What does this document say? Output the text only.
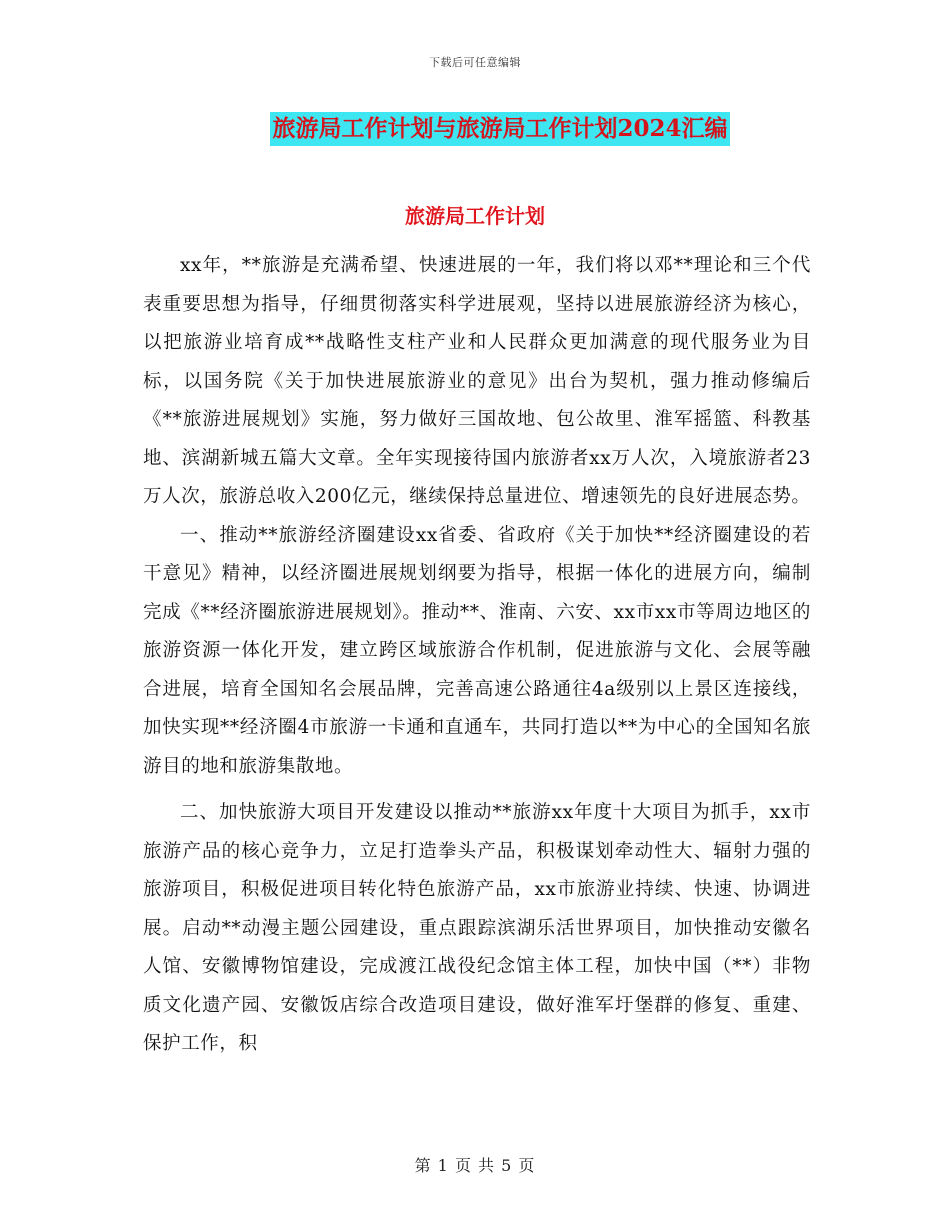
下载后可任意编辑
旅游局工作计划与旅游局工作计划2024汇编
旅游局工作计划

xx年，**旅游是充满希望、快速进展的一年，我们将以邓**理论和三个代表重要思想为指导，仔细贯彻落实科学进展观，坚持以进展旅游经济为核心，以把旅游业培育成**战略性支柱产业和人民群众更加满意的现代服务业为目标，以国务院《关于加快进展旅游业的意见》出台为契机，强力推动修编后《**旅游进展规划》实施，努力做好三国故地、包公故里、淮军摇篮、科教基地、滨湖新城五篇大文章。全年实现接待国内旅游者xx万人次，入境旅游者23万人次，旅游总收入200亿元，继续保持总量进位、增速领先的良好进展态势。

一、推动**旅游经济圈建设xx省委、省政府《关于加快**经济圈建设的若干意见》精神，以经济圈进展规划纲要为指导，根据一体化的进展方向，编制完成《**经济圈旅游进展规划》。推动**、淮南、六安、xx市xx市等周边地区的旅游资源一体化开发，建立跨区域旅游合作机制，促进旅游与文化、会展等融合进展，培育全国知名会展品牌，完善高速公路通往4a级别以上景区连接线，加快实现**经济圈4市旅游一卡通和直通车，共同打造以**为中心的全国知名旅游目的地和旅游集散地。

二、加快旅游大项目开发建设以推动**旅游xx年度十大项目为抓手，xx市旅游产品的核心竞争力，立足打造拳头产品，积极谋划牵动性大、辐射力强的旅游项目，积极促进项目转化特色旅游产品，xx市旅游业持续、快速、协调进展。启动**动漫主题公园建设，重点跟踪滨湖乐活世界项目，加快推动安徽名人馆、安徽博物馆建设，完成渡江战役纪念馆主体工程，加快中国（**）非物质文化遗产园、安徽饭店综合改造项目建设，做好淮军圩堡群的修复、重建、保护工作，积

第 1 页 共 5 页
